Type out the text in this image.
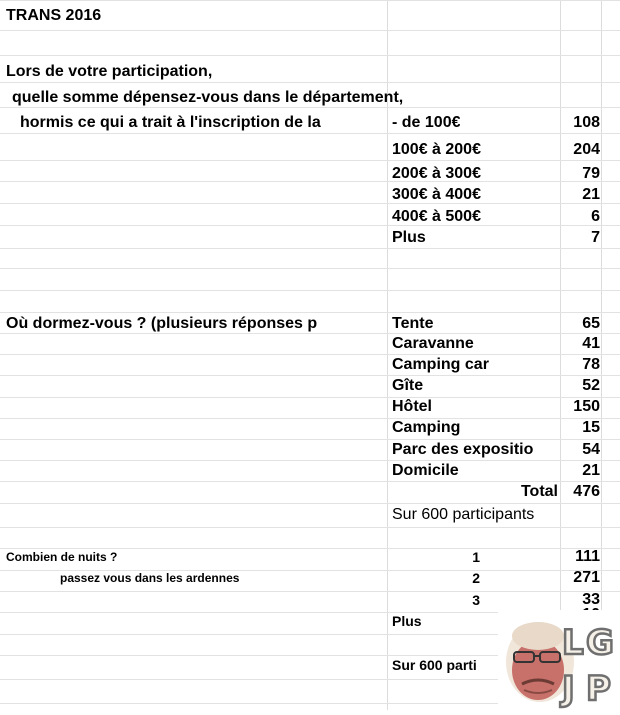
TRANS 2016
Lors de votre participation,
quelle somme dépensez-vous dans le département,
hormis ce qui a trait à l'inscription de la	- de 100€	108
100€ à 200€	204
200€ à 300€	79
300€ à 400€	21
400€ à 500€	6
Plus	7
Où dormez-vous ? (plusieurs réponses p	Tente	65
Caravanne	41
Camping car	78
Gîte	52
Hôtel	150
Camping	15
Parc des expositio	54
Domicile	21
Total 476
Sur 600 participants
Combien de nuits ?
passez vous dans les ardennes
1	111
2	271
3	33
Plus
Sur 600 parti
L G
J P
